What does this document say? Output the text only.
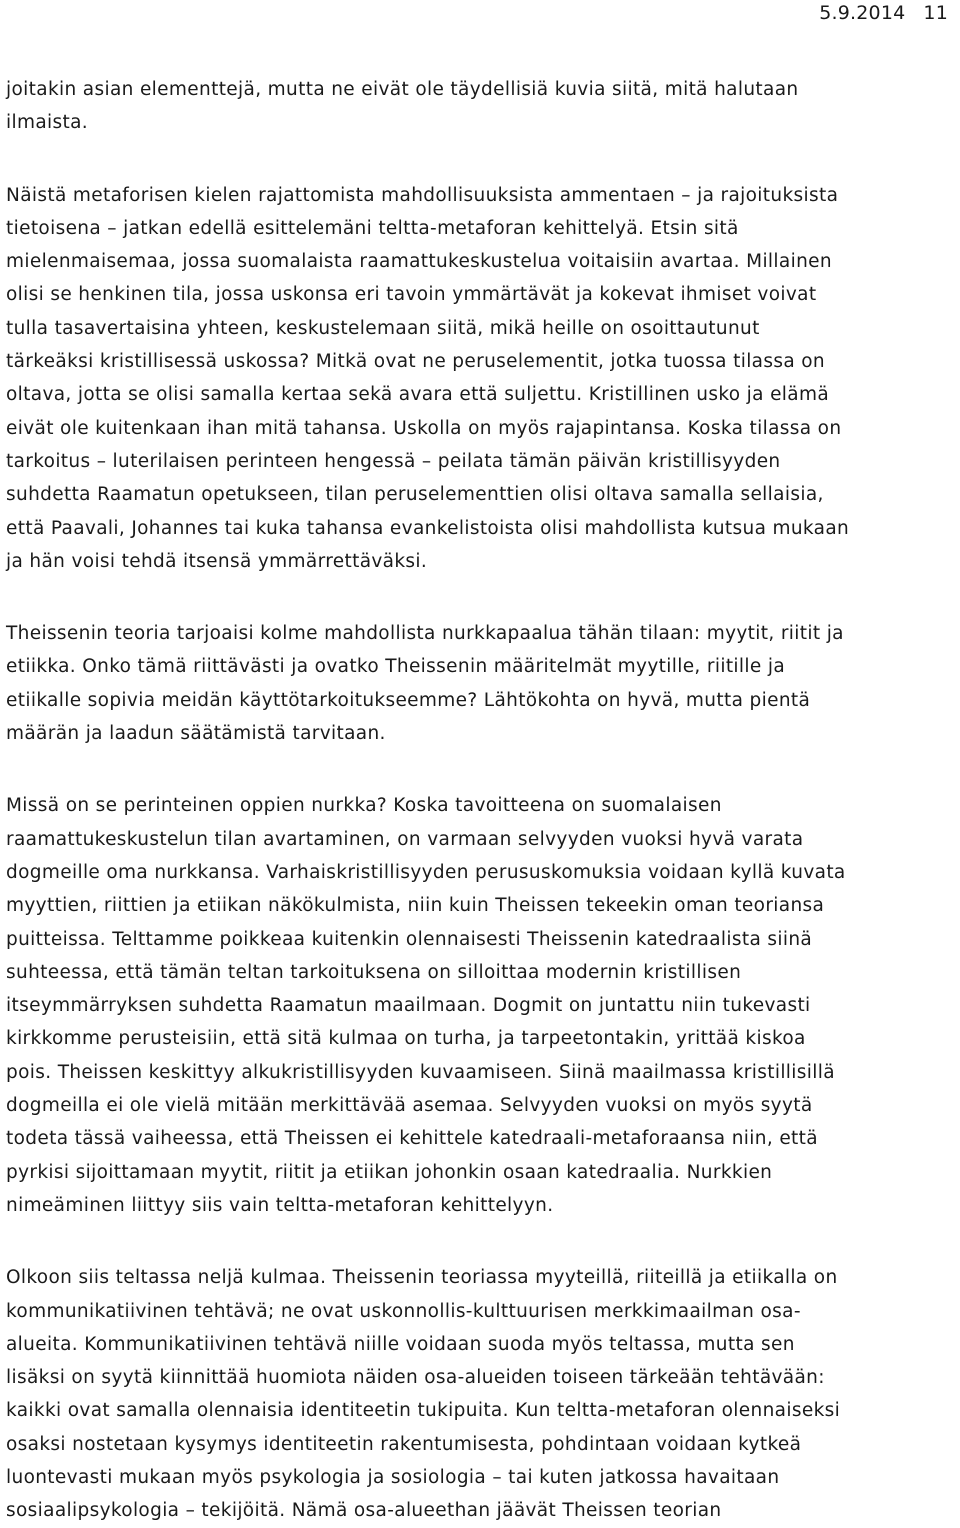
5.9.2014 11
joitakin asian elementtejä, mutta ne eivät ole täydellisiä kuvia siitä, mitä halutaan
ilmaista.
Näistä metaforisen kielen rajattomista mahdollisuuksista ammentaen – ja rajoituksista
tietoisena – jatkan edellä esittelemäni teltta-metaforan kehittelyä. Etsin sitä
mielenmaisemaa, jossa suomalaista raamattukeskustelua voitaisiin avartaa. Millainen
olisi se henkinen tila, jossa uskonsa eri tavoin ymmärtävät ja kokevat ihmiset voivat
tulla tasavertaisina yhteen, keskustelemaan siitä, mikä heille on osoittautunut
tärkeäksi kristillisessä uskossa? Mitkä ovat ne peruselementit, jotka tuossa tilassa on
oltava, jotta se olisi samalla kertaa sekä avara että suljettu. Kristillinen usko ja elämä
eivät ole kuitenkaan ihan mitä tahansa. Uskolla on myös rajapintansa. Koska tilassa on
tarkoitus – luterilaisen perinteen hengessä – peilata tämän päivän kristillisyyden
suhdetta Raamatun opetukseen, tilan peruselementtien olisi oltava samalla sellaisia,
että Paavali, Johannes tai kuka tahansa evankelistoista olisi mahdollista kutsua mukaan
ja hän voisi tehdä itsensä ymmärrettäväksi.
Theissenin teoria tarjoaisi kolme mahdollista nurkkapaalua tähän tilaan: myytit, riitit ja
etiikka. Onko tämä riittävästi ja ovatko Theissenin määritelmät myytille, riitille ja
etiikalle sopivia meidän käyttötarkoitukseemme? Lähtökohta on hyvä, mutta pientä
määrän ja laadun säätämistä tarvitaan.
Missä on se perinteinen oppien nurkka? Koska tavoitteena on suomalaisen
raamattukeskustelun tilan avartaminen, on varmaan selvyyden vuoksi hyvä varata
dogmeille oma nurkkansa. Varhaiskristillisyyden perususkomuksia voidaan kyllä kuvata
myyttien, riittien ja etiikan näkökulmista, niin kuin Theissen tekeekin oman teoriansa
puitteissa. Telttamme poikkeaa kuitenkin olennaisesti Theissenin katedraalista siinä
suhteessa, että tämän teltan tarkoituksena on silloittaa modernin kristillisen
itseymmärryksen suhdetta Raamatun maailmaan. Dogmit on juntattu niin tukevasti
kirkkomme perusteisiin, että sitä kulmaa on turha, ja tarpeetontakin, yrittää kiskoa
pois. Theissen keskittyy alkukristillisyyden kuvaamiseen. Siinä maailmassa kristillisillä
dogmeilla ei ole vielä mitään merkittävää asemaa. Selvyyden vuoksi on myös syytä
todeta tässä vaiheessa, että Theissen ei kehittele katedraali-metaforaansa niin, että
pyrkisi sijoittamaan myytit, riitit ja etiikan johonkin osaan katedraalia. Nurkkien
nimeäminen liittyy siis vain teltta-metaforan kehittelyyn.
Olkoon siis teltassa neljä kulmaa. Theissenin teoriassa myyteillä, riiteillä ja etiikalla on
kommunikatiivinen tehtävä; ne ovat uskonnollis-kulttuurisen merkkimaailman osa-
alueita. Kommunikatiivinen tehtävä niille voidaan suoda myös teltassa, mutta sen
lisäksi on syytä kiinnittää huomiota näiden osa-alueiden toiseen tärkeään tehtävään:
kaikki ovat samalla olennaisia identiteetin tukipuita. Kun teltta-metaforan olennaiseksi
osaksi nostetaan kysymys identiteetin rakentumisesta, pohdintaan voidaan kytkeä
luontevasti mukaan myös psykologia ja sosiologia – tai kuten jatkossa havaitaan
sosiaalipsykologia – tekijöitä. Nämä osa-alueethan jäävät Theissen teorian
